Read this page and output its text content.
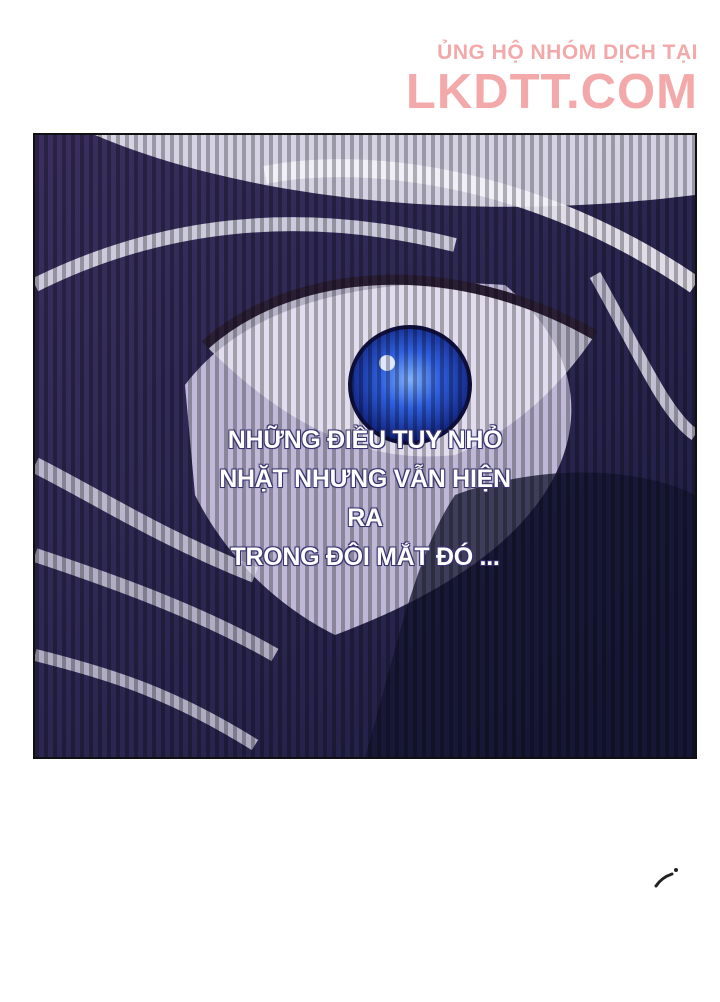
ỦNG HỘ NHÓM DỊCH TẠI
LKDTT.COM
NHỮNG ĐIỀU TUY NHỎ
NHẶT NHƯNG VẪN HIỆN RA
TRONG ĐÔI MẮT ĐÓ ...
